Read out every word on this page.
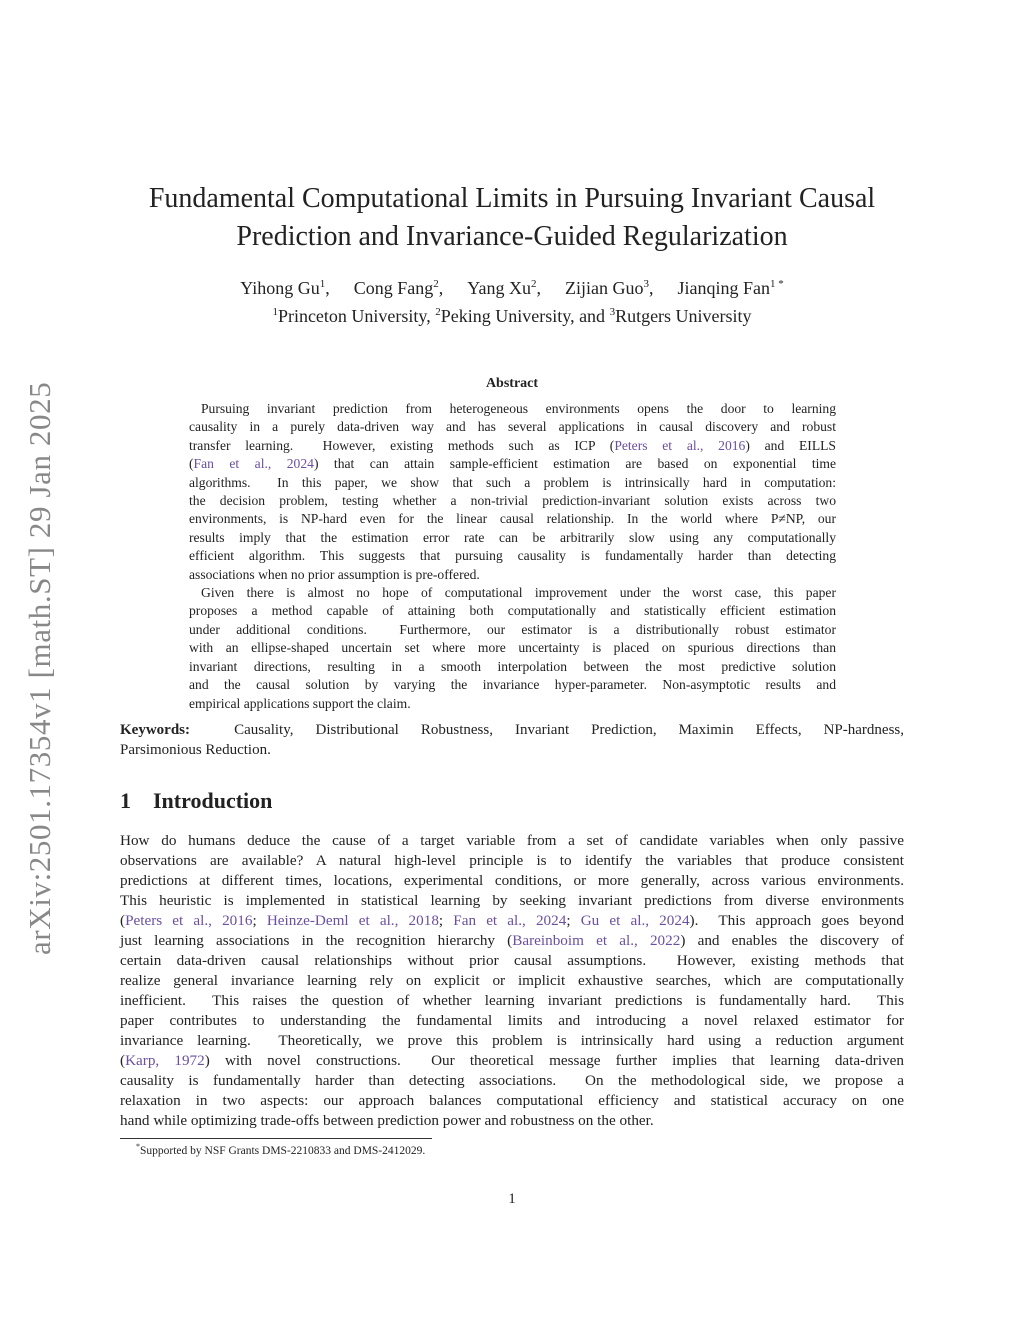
arXiv:2501.17354v1 [math.ST] 29 Jan 2025
Fundamental Computational Limits in Pursuing Invariant Causal
Prediction and Invariance-Guided Regularization
Yihong Gu$^1$, Cong Fang$^2$, Yang Xu$^2$, Zijian Guo$^3$, Jianqing Fan$^{1 *}$
$^1$Princeton University, $^2$Peking University, and $^3$Rutgers University
Abstract
Pursuing invariant prediction from heterogeneous environments opens the door to learning
causality in a purely data-driven way and has several applications in causal discovery and robust
transfer learning.  However, existing methods such as ICP (Peters et al., 2016) and EILLS
(Fan et al., 2024) that can attain sample-efficient estimation are based on exponential time
algorithms.  In this paper, we show that such a problem is intrinsically hard in computation:
the decision problem, testing whether a non-trivial prediction-invariant solution exists across two
environments, is NP-hard even for the linear causal relationship. In the world where P≠NP, our
results imply that the estimation error rate can be arbitrarily slow using any computationally
efficient algorithm. This suggests that pursuing causality is fundamentally harder than detecting
associations when no prior assumption is pre-offered.
Given there is almost no hope of computational improvement under the worst case, this paper
proposes a method capable of attaining both computationally and statistically efficient estimation
under additional conditions.  Furthermore, our estimator is a distributionally robust estimator
with an ellipse-shaped uncertain set where more uncertainty is placed on spurious directions than
invariant directions, resulting in a smooth interpolation between the most predictive solution
and the causal solution by varying the invariance hyper-parameter. Non-asymptotic results and
empirical applications support the claim.
Keywords:	Causality, Distributional Robustness, Invariant Prediction, Maximin Effects, NP-hardness,
Parsimonious Reduction.
1 Introduction
How do humans deduce the cause of a target variable from a set of candidate variables when only passive
observations are available? A natural high-level principle is to identify the variables that produce consistent
predictions at different times, locations, experimental conditions, or more generally, across various environments.
This heuristic is implemented in statistical learning by seeking invariant predictions from diverse environments
(Peters et al., 2016; Heinze-Deml et al., 2018; Fan et al., 2024; Gu et al., 2024).  This approach goes beyond
just learning associations in the recognition hierarchy (Bareinboim et al., 2022) and enables the discovery of
certain data-driven causal relationships without prior causal assumptions.  However, existing methods that
realize general invariance learning rely on explicit or implicit exhaustive searches, which are computationally
inefficient.  This raises the question of whether learning invariant predictions is fundamentally hard.  This
paper contributes to understanding the fundamental limits and introducing a novel relaxed estimator for
invariance learning.  Theoretically, we prove this problem is intrinsically hard using a reduction argument
(Karp, 1972) with novel constructions.  Our theoretical message further implies that learning data-driven
causality is fundamentally harder than detecting associations.  On the methodological side, we propose a
relaxation in two aspects: our approach balances computational efficiency and statistical accuracy on one
hand while optimizing trade-offs between prediction power and robustness on the other.
*Supported by NSF Grants DMS-2210833 and DMS-2412029.
1
